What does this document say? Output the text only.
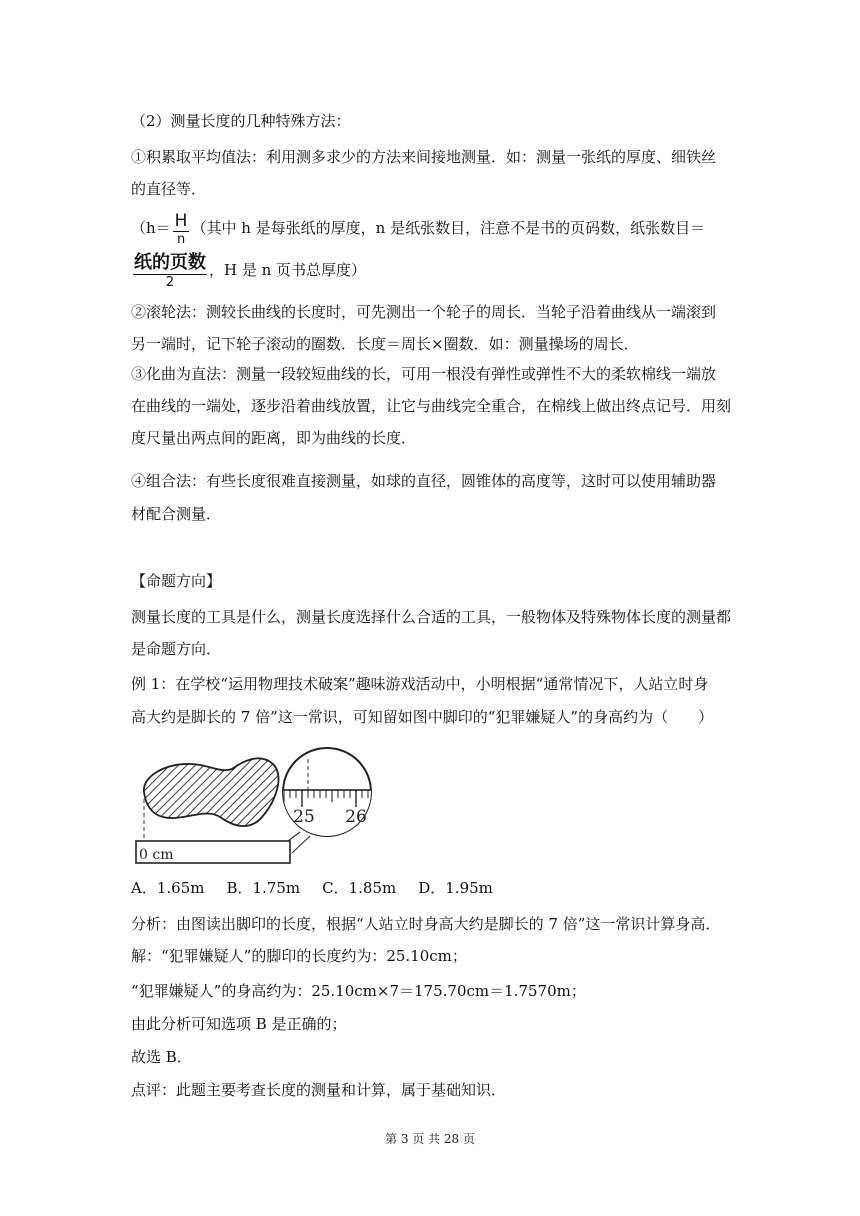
（2）测量长度的几种特殊方法：
①积累取平均值法：利用测多求少的方法来间接地测量．如：测量一张纸的厚度、细铁丝
的直径等．
（$h= \frac{H}{n}$ （其中 h 是每张纸的厚度，n 是纸张数目，注意不是书的页码数，纸张数目＝
$\frac{\text{纸的页数}}{2}$ ，H 是 n 页书总厚度）
②滚轮法：测较长曲线的长度时，可先测出一个轮子的周长．当轮子沿着曲线从一端滚到
另一端时，记下轮子滚动的圈数．长度＝周长×圈数．如：测量操场的周长．
③化曲为直法：测量一段较短曲线的长，可用一根没有弹性或弹性不大的柔软棉线一端放
在曲线的一端处，逐步沿着曲线放置，让它与曲线完全重合，在棉线上做出终点记号．用刻
度尺量出两点间的距离，即为曲线的长度．
④组合法：有些长度很难直接测量，如球的直径，圆锥体的高度等，这时可以使用辅助器
材配合测量．
【命题方向】
测量长度的工具是什么，测量长度选择什么合适的工具，一般物体及特殊物体长度的测量都
是命题方向．
例 1：在学校“运用物理技术破案”趣味游戏活动中，小明根据“通常情况下，人站立时身
高大约是脚长的 7 倍”这一常识，可知留如图中脚印的“犯罪嫌疑人”的身高约为（　　）
25 26
0 cm
A．1.65m B．1.75m C．1.85m D．1.95m
分析：由图读出脚印的长度，根据“人站立时身高大约是脚长的 7 倍”这一常识计算身高．
解：“犯罪嫌疑人”的脚印的长度约为：25.10cm；
“犯罪嫌疑人”的身高约为：25.10cm×7＝175.70cm＝1.7570m；
由此分析可知选项 B 是正确的；
故选 B．
点评：此题主要考查长度的测量和计算，属于基础知识．
第 3 页 共 28 页
